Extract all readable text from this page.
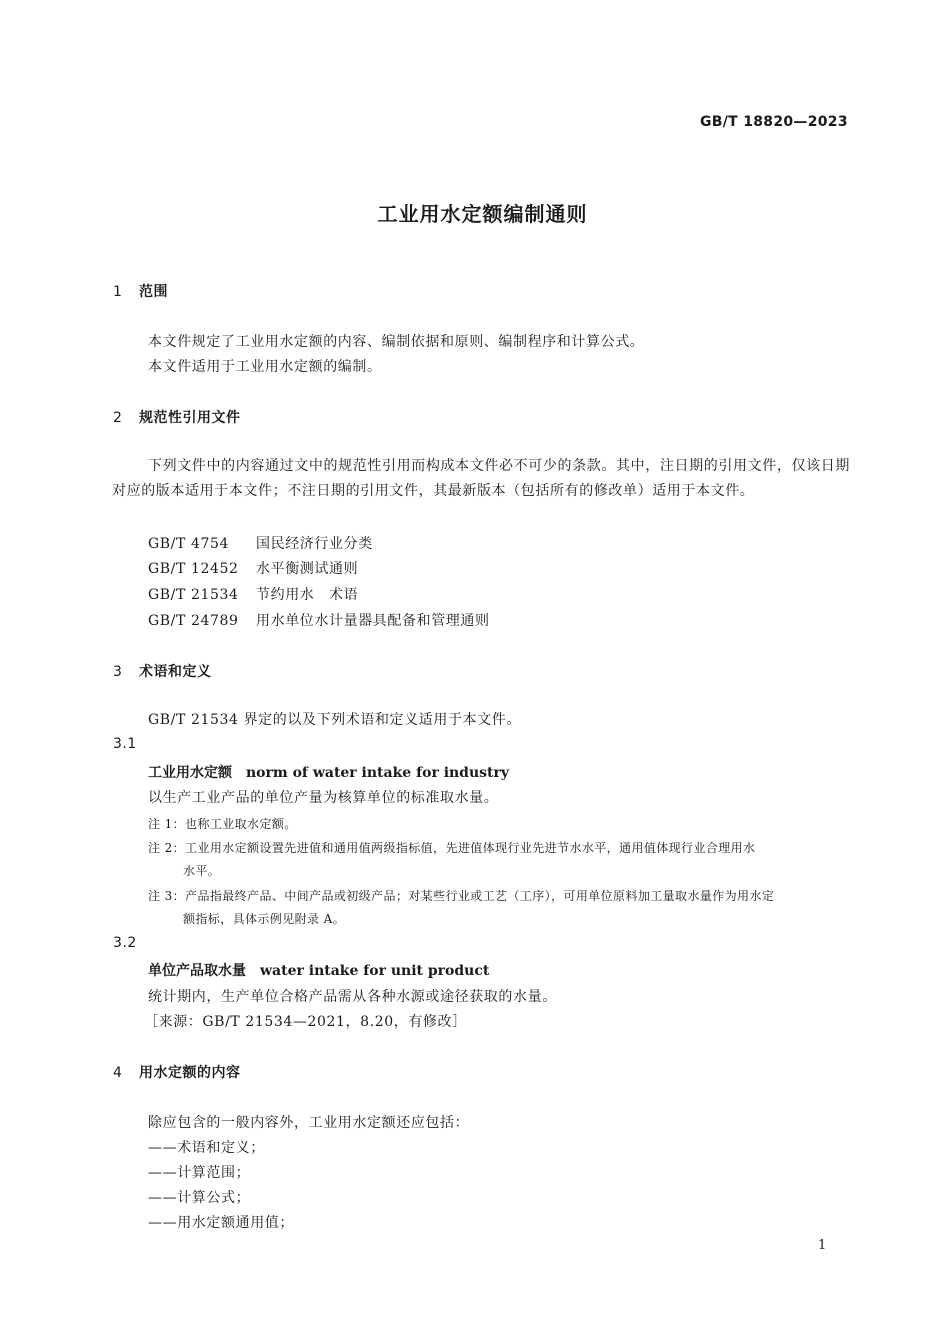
GB/T 18820—2023
工业用水定额编制通则
1 范围
本文件规定了工业用水定额的内容、编制依据和原则、编制程序和计算公式。
本文件适用于工业用水定额的编制。
2 规范性引用文件
下列文件中的内容通过文中的规范性引用而构成本文件必不可少的条款。其中，注日期的引用文件，仅该日期对应的版本适用于本文件；不注日期的引用文件，其最新版本（包括所有的修改单）适用于本文件。
GB/T 4754 国民经济行业分类
GB/T 12452 水平衡测试通则
GB/T 21534 节约用水　术语
GB/T 24789 用水单位水计量器具配备和管理通则
3 术语和定义
GB/T 21534 界定的以及下列术语和定义适用于本文件。
3.1
工业用水定额 norm of water intake for industry
以生产工业产品的单位产量为核算单位的标准取水量。
注 1：也称工业取水定额。
注 2：工业用水定额设置先进值和通用值两级指标值，先进值体现行业先进节水水平，通用值体现行业合理用水
水平。
注 3：产品指最终产品、中间产品或初级产品；对某些行业或工艺（工序），可用单位原料加工量取水量作为用水定
额指标，具体示例见附录 A。
3.2
单位产品取水量 water intake for unit product
统计期内，生产单位合格产品需从各种水源或途径获取的水量。
［来源：GB/T 21534—2021，8.20，有修改］
4 用水定额的内容
除应包含的一般内容外，工业用水定额还应包括：
——术语和定义；
——计算范围；
——计算公式；
——用水定额通用值；
1
